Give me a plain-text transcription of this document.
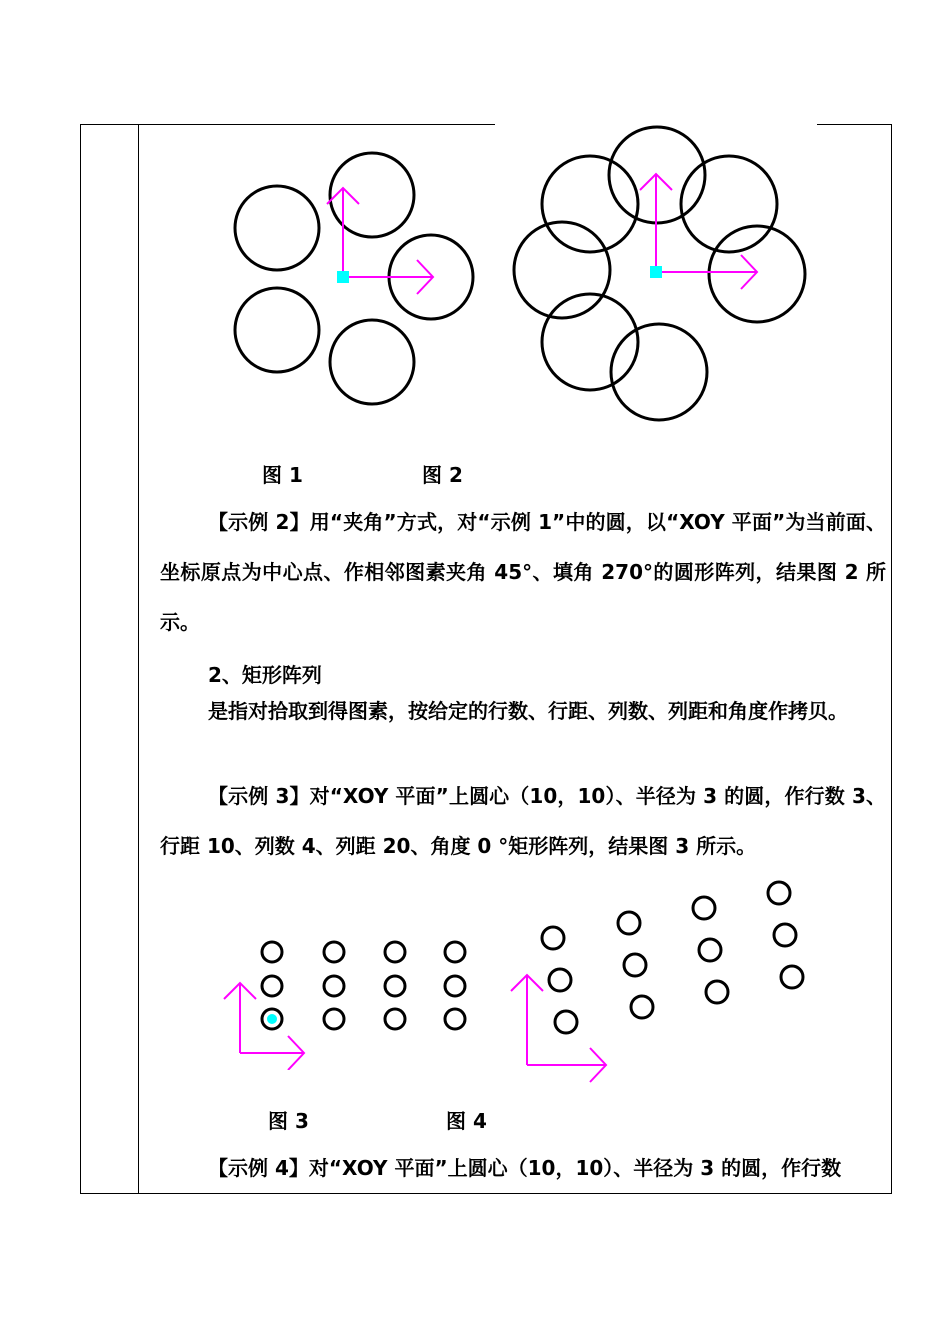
图 1	图 2

【示例 2】用“夹角”方式，对“示例 1”中的圆，以“XOY 平面”为当前面、坐标原点为中心点、作相邻图素夹角 45°、填角 270°的圆形阵列，结果图 2 所示。

2、矩形阵列

是指对拾取到得图素，按给定的行数、行距、列数、列距和角度作拷贝。

【示例 3】对“XOY 平面”上圆心（10，10）、半径为 3 的圆，作行数 3、行距 10、列数 4、列距 20、角度 0 °矩形阵列，结果图 3 所示。

图 3	图 4

【示例 4】对“XOY 平面”上圆心（10，10）、半径为 3 的圆，作行数
